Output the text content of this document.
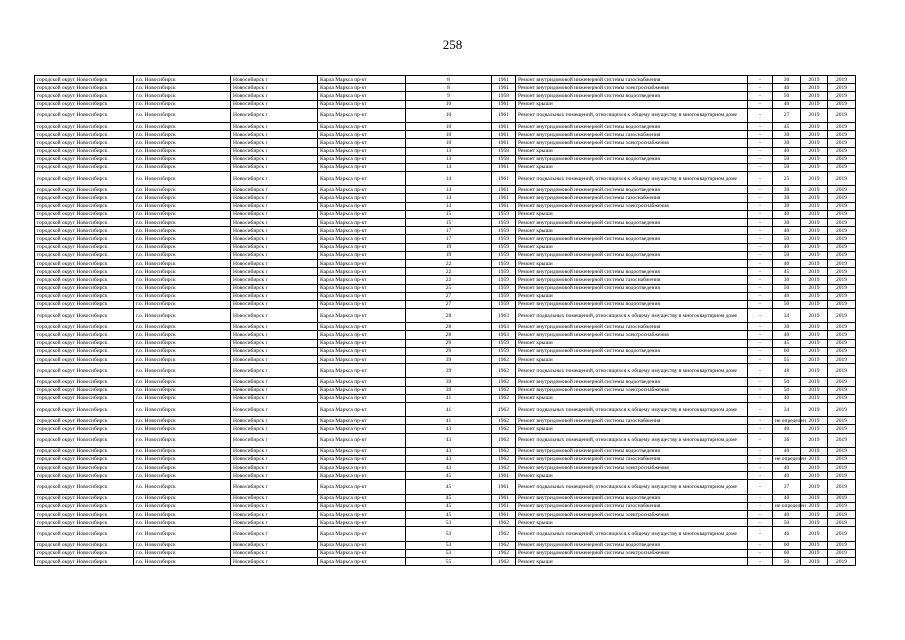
258
городской округ Новосибирск	г.о. Новосибирск	Новосибирск г	Карла Маркса пр-кт	8	1961	Ремонт внутридомовой инженерной системы газоснабжения	-	30	2019	2019
городской округ Новосибирск	г.о. Новосибирск	Новосибирск г	Карла Маркса пр-кт	8	1961	Ремонт внутридомовой инженерной системы электроснабжения	-	40	2019	2019
городской округ Новосибирск	г.о. Новосибирск	Новосибирск г	Карла Маркса пр-кт	9	1958	Ремонт внутридомовой инженерной системы водоотведения	-	50	2019	2019
городской округ Новосибирск	г.о. Новосибирск	Новосибирск г	Карла Маркса пр-кт	10	1961	Ремонт крыши	-	40	2019	2019
городской округ Новосибирск	г.о. Новосибирск	Новосибирск г	Карла Маркса пр-кт	10	1961	Ремонт подвальных помещений, относящихся к общему имуществу в многоквартирном доме	-	27	2019	2019
городской округ Новосибирск	г.о. Новосибирск	Новосибирск г	Карла Маркса пр-кт	10	1961	Ремонт внутридомовой инженерной системы водоотведения	-	45	2019	2019
городской округ Новосибирск	г.о. Новосибирск	Новосибирск г	Карла Маркса пр-кт	10	1961	Ремонт внутридомовой инженерной системы газоснабжения	-	30	2019	2019
городской округ Новосибирск	г.о. Новосибирск	Новосибирск г	Карла Маркса пр-кт	10	1961	Ремонт внутридомовой инженерной системы электроснабжения	-	30	2019	2019
городской округ Новосибирск	г.о. Новосибирск	Новосибирск г	Карла Маркса пр-кт	13	1958	Ремонт крыши	-	40	2019	2019
городской округ Новосибирск	г.о. Новосибирск	Новосибирск г	Карла Маркса пр-кт	13	1958	Ремонт внутридомовой инженерной системы водоотведения	-	50	2019	2019
городской округ Новосибирск	г.о. Новосибирск	Новосибирск г	Карла Маркса пр-кт	14	1961	Ремонт крыши	-	50	2019	2019
городской округ Новосибирск	г.о. Новосибирск	Новосибирск г	Карла Маркса пр-кт	14	1961	Ремонт подвальных помещений, относящихся к общему имуществу в многоквартирном доме	-	25	2019	2019
городской округ Новосибирск	г.о. Новосибирск	Новосибирск г	Карла Маркса пр-кт	14	1961	Ремонт внутридомовой инженерной системы водоотведения	-	30	2019	2019
городской округ Новосибирск	г.о. Новосибирск	Новосибирск г	Карла Маркса пр-кт	14	1961	Ремонт внутридомовой инженерной системы газоснабжения	-	30	2019	2019
городской округ Новосибирск	г.о. Новосибирск	Новосибирск г	Карла Маркса пр-кт	14	1961	Ремонт внутридомовой инженерной системы электроснабжения	-	30	2019	2019
городской округ Новосибирск	г.о. Новосибирск	Новосибирск г	Карла Маркса пр-кт	15	1959	Ремонт крыши	-	40	2019	2019
городской округ Новосибирск	г.о. Новосибирск	Новосибирск г	Карла Маркса пр-кт	15	1959	Ремонт внутридомовой инженерной системы водоотведения	-	30	2019	2019
городской округ Новосибирск	г.о. Новосибирск	Новосибирск г	Карла Маркса пр-кт	17	1959	Ремонт крыши	-	40	2019	2019
городской округ Новосибирск	г.о. Новосибирск	Новосибирск г	Карла Маркса пр-кт	17	1959	Ремонт внутридомовой инженерной системы водоотведения	-	50	2019	2019
городской округ Новосибирск	г.о. Новосибирск	Новосибирск г	Карла Маркса пр-кт	19	1959	Ремонт крыши	-	40	2019	2019
городской округ Новосибирск	г.о. Новосибирск	Новосибирск г	Карла Маркса пр-кт	19	1959	Ремонт внутридомовой инженерной системы водоотведения	-	50	2019	2019
городской округ Новосибирск	г.о. Новосибирск	Новосибирск г	Карла Маркса пр-кт	22	1959	Ремонт крыши	-	40	2019	2019
городской округ Новосибирск	г.о. Новосибирск	Новосибирск г	Карла Маркса пр-кт	22	1959	Ремонт внутридомовой инженерной системы водоотведения	-	45	2019	2019
городской округ Новосибирск	г.о. Новосибирск	Новосибирск г	Карла Маркса пр-кт	22	1959	Ремонт внутридомовой инженерной системы газоснабжения	-	30	2019	2019
городской округ Новосибирск	г.о. Новосибирск	Новосибирск г	Карла Маркса пр-кт	25	1959	Ремонт внутридомовой инженерной системы водоотведения	-	50	2019	2019
городской округ Новосибирск	г.о. Новосибирск	Новосибирск г	Карла Маркса пр-кт	27	1959	Ремонт крыши	-	40	2019	2019
городской округ Новосибирск	г.о. Новосибирск	Новосибирск г	Карла Маркса пр-кт	27	1959	Ремонт внутридомовой инженерной системы водоотведения	-	50	2019	2019
городской округ Новосибирск	г.о. Новосибирск	Новосибирск г	Карла Маркса пр-кт	28	1963	Ремонт подвальных помещений, относящихся к общему имуществу в многоквартирном доме	-	34	2019	2019
городской округ Новосибирск	г.о. Новосибирск	Новосибирск г	Карла Маркса пр-кт	28	1963	Ремонт внутридомовой инженерной системы газоснабжения	-	30	2019	2019
городской округ Новосибирск	г.о. Новосибирск	Новосибирск г	Карла Маркса пр-кт	28	1963	Ремонт внутридомовой инженерной системы электроснабжения	-	40	2019	2019
городской округ Новосибирск	г.о. Новосибирск	Новосибирск г	Карла Маркса пр-кт	29	1959	Ремонт крыши	-	45	2019	2019
городской округ Новосибирск	г.о. Новосибирск	Новосибирск г	Карла Маркса пр-кт	29	1959	Ремонт внутридомовой инженерной системы водоотведения	-	60	2019	2019
городской округ Новосибирск	г.о. Новосибирск	Новосибирск г	Карла Маркса пр-кт	39	1962	Ремонт крыши	-	55	2019	2019
городской округ Новосибирск	г.о. Новосибирск	Новосибирск г	Карла Маркса пр-кт	39	1962	Ремонт подвальных помещений, относящихся к общему имуществу в многоквартирном доме	-	48	2019	2019
городской округ Новосибирск	г.о. Новосибирск	Новосибирск г	Карла Маркса пр-кт	39	1962	Ремонт внутридомовой инженерной системы водоотведения	-	50	2019	2019
городской округ Новосибирск	г.о. Новосибирск	Новосибирск г	Карла Маркса пр-кт	39	1962	Ремонт внутридомовой инженерной системы электроснабжения	-	50	2019	2019
городской округ Новосибирск	г.о. Новосибирск	Новосибирск г	Карла Маркса пр-кт	41	1962	Ремонт крыши	-	40	2019	2019
городской округ Новосибирск	г.о. Новосибирск	Новосибирск г	Карла Маркса пр-кт	41	1962	Ремонт подвальных помещений, относящихся к общему имуществу в многоквартирном доме	-	34	2019	2019
городской округ Новосибирск	г.о. Новосибирск	Новосибирск г	Карла Маркса пр-кт	41	1962	Ремонт внутридомовой инженерной системы газоснабжения	-	не определен	2019	2019
городской округ Новосибирск	г.о. Новосибирск	Новосибирск г	Карла Маркса пр-кт	43	1962	Ремонт крыши	-	40	2019	2019
городской округ Новосибирск	г.о. Новосибирск	Новосибирск г	Карла Маркса пр-кт	43	1962	Ремонт подвальных помещений, относящихся к общему имуществу в многоквартирном доме	-	36	2019	2019
городской округ Новосибирск	г.о. Новосибирск	Новосибирск г	Карла Маркса пр-кт	43	1962	Ремонт внутридомовой инженерной системы водоотведения	-	40	2019	2019
городской округ Новосибирск	г.о. Новосибирск	Новосибирск г	Карла Маркса пр-кт	43	1962	Ремонт внутридомовой инженерной системы газоснабжения	-	не определен	2019	2019
городской округ Новосибирск	г.о. Новосибирск	Новосибирск г	Карла Маркса пр-кт	43	1962	Ремонт внутридомовой инженерной системы электроснабжения	-	40	2019	2019
городской округ Новосибирск	г.о. Новосибирск	Новосибирск г	Карла Маркса пр-кт	45	1961	Ремонт крыши	-	40	2019	2019
городской округ Новосибирск	г.о. Новосибирск	Новосибирск г	Карла Маркса пр-кт	45	1961	Ремонт подвальных помещений, относящихся к общему имуществу в многоквартирном доме	-	37	2019	2019
городской округ Новосибирск	г.о. Новосибирск	Новосибирск г	Карла Маркса пр-кт	45	1961	Ремонт внутридомовой инженерной системы водоотведения	-	40	2019	2019
городской округ Новосибирск	г.о. Новосибирск	Новосибирск г	Карла Маркса пр-кт	45	1961	Ремонт внутридомовой инженерной системы газоснабжения	-	не определен	2019	2019
городской округ Новосибирск	г.о. Новосибирск	Новосибирск г	Карла Маркса пр-кт	45	1961	Ремонт внутридомовой инженерной системы электроснабжения	-	40	2019	2019
городской округ Новосибирск	г.о. Новосибирск	Новосибирск г	Карла Маркса пр-кт	53	1962	Ремонт крыши	-	50	2019	2019
городской округ Новосибирск	г.о. Новосибирск	Новосибирск г	Карла Маркса пр-кт	53	1962	Ремонт подвальных помещений, относящихся к общему имуществу в многоквартирном доме	-	46	2019	2019
городской округ Новосибирск	г.о. Новосибирск	Новосибирск г	Карла Маркса пр-кт	53	1962	Ремонт внутридомовой инженерной системы водоотведения	-	60	2019	2019
городской округ Новосибирск	г.о. Новосибирск	Новосибирск г	Карла Маркса пр-кт	53	1962	Ремонт внутридомовой инженерной системы электроснабжения	-	60	2019	2019
городской округ Новосибирск	г.о. Новосибирск	Новосибирск г	Карла Маркса пр-кт	55	1962	Ремонт крыши	-	50	2019	2019
